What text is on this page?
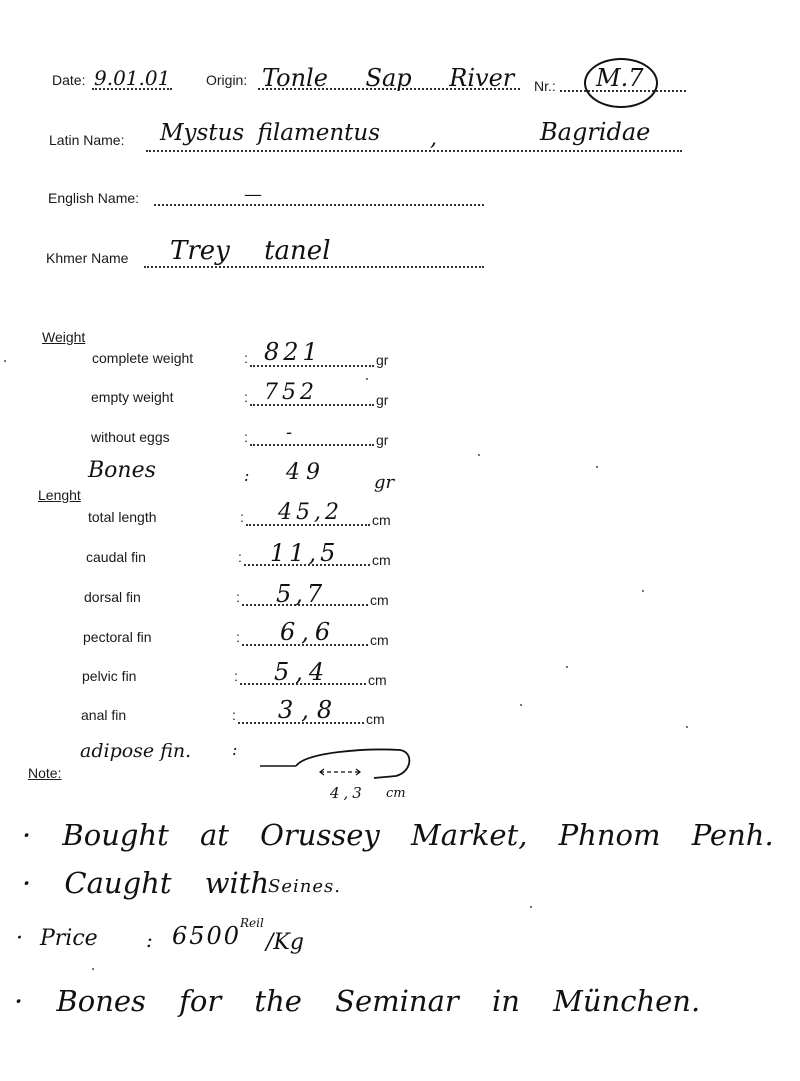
Date: 9.01.01	Origin: Tonle Sap River Nr.: M.7
Latin Name: Mystus filamentus ,	Bagridae
English Name:	—
Khmer Name Trey tanel
Weight
complete weight	: 821	gr
empty weight	: 752	gr
without eggs	: -	gr
Bones	: 49	gr
Lenght
total length	: 45,2 cm
caudal fin	: 11,5 cm
dorsal fin	: 5,7	cm
pectoral fin	: 6,6 cm
pelvic fin	: 5,4	cm
anal fin	: 3,8 cm
adipose fin.	:
4,3 cm
Note:
· Bought at Orussey Market, Phnom Penh.
· Caught with
Seines.
· Price : 6500
Reil
/Kg
· Bones for the Seminar in München.
